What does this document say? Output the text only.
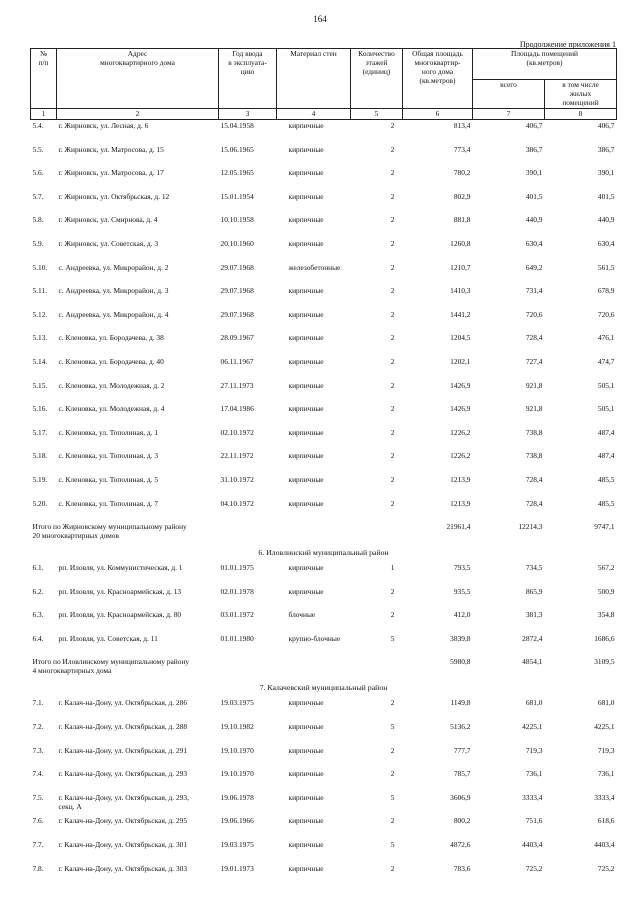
164
Продолжение приложения 1
№
п/п	Адрес
многоквартирного дома	Год ввода
в эксплуата-
цию	Материал стен	Количество
этажей
(единиц)	Общая площадь
многоквартир-
ного дома
(кв.метров)	Площадь помещений
(кв.метров)	
						всего	в том числе
жилых
помещений
1	2	3	4	5	6	7	8
5.4.	г. Жирновск, ул. Лесная, д. 6	15.04.1958	кирпичные	2	813,4	406,7	406,7
5.5.	г. Жирновск, ул. Матросова, д. 15	15.06.1965	кирпичные	2	773,4	386,7	386,7
5.6.	г. Жирновск, ул. Матросова, д. 17	12.05.1965	кирпичные	2	780,2	390,1	390,1
5.7.	г. Жирновск, ул. Октябрьская, д. 12	15.01.1954	кирпичные	2	802,9	401,5	401,5
5.8.	г. Жирновск, ул. Смирнова, д. 4	10.10.1958	кирпичные	2	881,8	440,9	440,9
5.9.	г. Жирновск, ул. Советская, д. 3	20.10.1960	кирпичные	2	1260,8	630,4	630,4
5.10.	с. Андреевка, ул. Микрорайон, д. 2	29.07.1968	железобетонные	2	1210,7	649,2	561,5
5.11.	с. Андреевка, ул. Микрорайон, д. 3	29.07.1968	кирпичные	2	1410,3	731,4	678,9
5.12.	с. Андреевка, ул. Микрорайон, д. 4	29.07.1968	кирпичные	2	1441,2	720,6	720,6
5.13.	с. Кленовка, ул. Бородачева, д. 38	28.09.1967	кирпичные	2	1204,5	728,4	476,1
5.14.	с. Кленовка, ул. Бородачева, д. 40	06.11.1967	кирпичные	2	1202,1	727,4	474,7
5.15.	с. Кленовка, ул. Молодежная, д. 2	27.11.1973	кирпичные	2	1426,9	921,8	505,1
5.16.	с. Кленовка, ул. Молодежная, д. 4	17.04.1986	кирпичные	2	1426,9	921,8	505,1
5.17.	с. Кленовка, ул. Тополиная, д. 1	02.10.1972	кирпичные	2	1226,2	738,8	487,4
5.18.	с. Кленовка, ул. Тополиная, д. 3	22.11.1972	кирпичные	2	1226,2	738,8	487,4
5.19.	с. Кленовка, ул. Тополиная, д. 5	31.10.1972	кирпичные	2	1213,9	728,4	485,5
5.20.	с. Кленовка, ул. Тополиная, д. 7	04.10.1972	кирпичные	2	1213,9	728,4	485,5
Итого по Жирновскому муниципальному району
20 многоквартирных домов					21961,4	12214,3	9747,1
6. Иловлинский муниципальный район							
6.1.	рп. Иловля, ул. Коммунистическая, д. 1	01.01.1975	кирпичные	1	793,5	734,5	567,2
6.2.	рп. Иловля, ул. Красноармейская, д. 13	02.01.1978	кирпичные	2	935,5	865,9	500,9
6.3.	рп. Иловля, ул. Красноармейская, д. 80	03.01.1972	блочные	2	412,0	381,3	354,8
6.4.	рп. Иловля, ул. Советская, д. 11	01.01.1980	крупно-блочные	5	3839,8	2872,4	1686,6
Итого по Иловлинскому муниципальному району
4 многоквартирных дома					5980,8	4854,1	3109,5
7. Калачевский муниципальный район							
7.1.	г. Калач-на-Дону, ул. Октябрьская, д. 286	19.03.1975	кирпичные	2	1149,8	681,0	681,0
7.2.	г. Калач-на-Дону, ул. Октябрьская, д. 288	19.10.1982	кирпичные	5	5136,2	4225,1	4225,1
7.3.	г. Калач-на-Дону, ул. Октябрьская, д. 291	19.10.1970	кирпичные	2	777,7	719,3	719,3
7.4.	г. Калач-на-Дону, ул. Октябрьская, д. 293	19.10.1970	кирпичные	2	785,7	736,1	736,1
7.5.	г. Калач-на-Дону, ул. Октябрьская, д. 293,
секц. А	19.06.1978	кирпичные	5	3606,9	3333,4	3333,4
7.6.	г. Калач-на-Дону, ул. Октябрьская, д. 295	19.06.1966	кирпичные	2	800,2	751,6	618,6
7.7.	г. Калач-на-Дону, ул. Октябрьская, д. 301	19.03.1975	кирпичные	5	4872,6	4403,4	4403,4
7.8.	г. Калач-на-Дону, ул. Октябрьская, д. 303	19.01.1973	кирпичные	2	783,6	725,2	725,2
